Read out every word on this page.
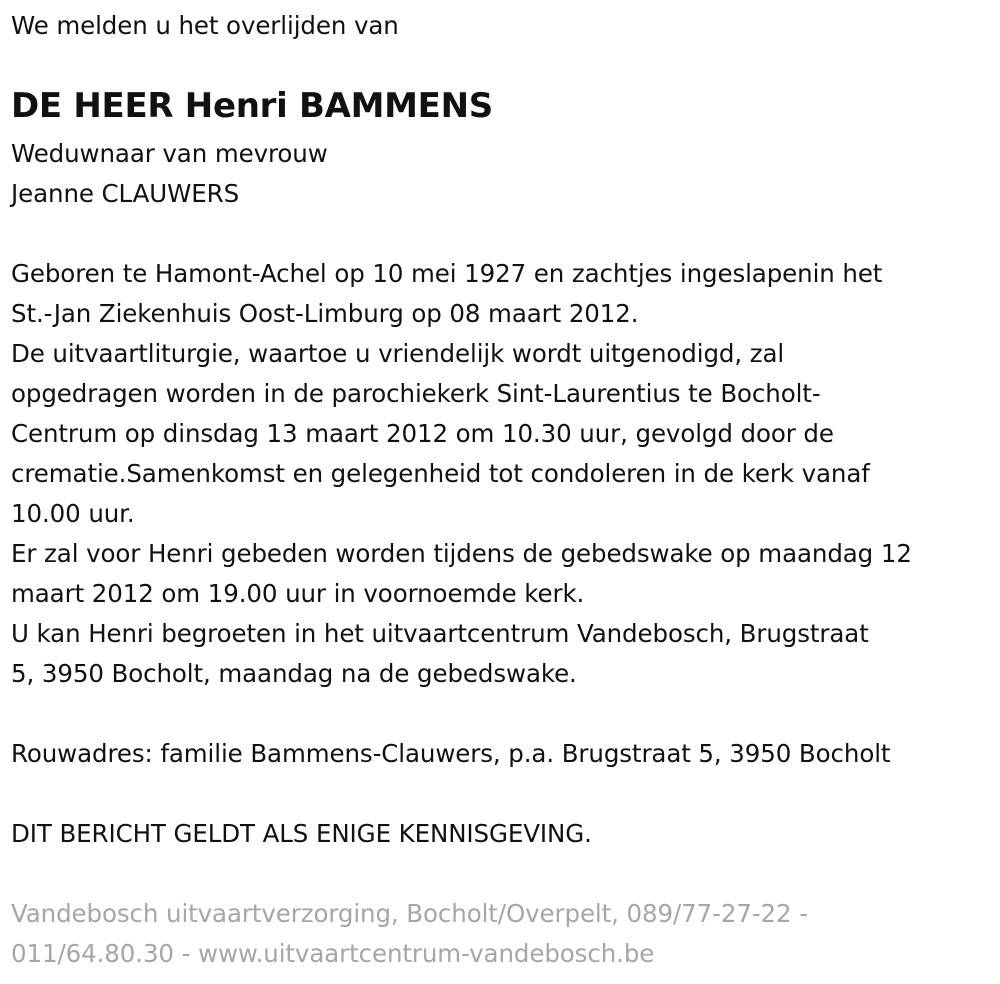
We melden u het overlijden van
DE HEER Henri BAMMENS
Weduwnaar van mevrouw
Jeanne CLAUWERS
Geboren te Hamont-Achel op 10 mei 1927 en zachtjes ingeslapenin het
St.-Jan Ziekenhuis Oost-Limburg op 08 maart 2012.
De uitvaartliturgie, waartoe u vriendelijk wordt uitgenodigd, zal
opgedragen worden in de parochiekerk Sint-Laurentius te Bocholt-
Centrum op dinsdag 13 maart 2012 om 10.30 uur, gevolgd door de
crematie.Samenkomst en gelegenheid tot condoleren in de kerk vanaf
10.00 uur.
Er zal voor Henri gebeden worden tijdens de gebedswake op maandag 12
maart 2012 om 19.00 uur in voornoemde kerk.
U kan Henri begroeten in het uitvaartcentrum Vandebosch, Brugstraat
5, 3950 Bocholt, maandag na de gebedswake.
Rouwadres: familie Bammens-Clauwers, p.a. Brugstraat 5, 3950 Bocholt
DIT BERICHT GELDT ALS ENIGE KENNISGEVING.
Vandebosch uitvaartverzorging, Bocholt/Overpelt, 089/77-27-22 -
011/64.80.30 - www.uitvaartcentrum-vandebosch.be
